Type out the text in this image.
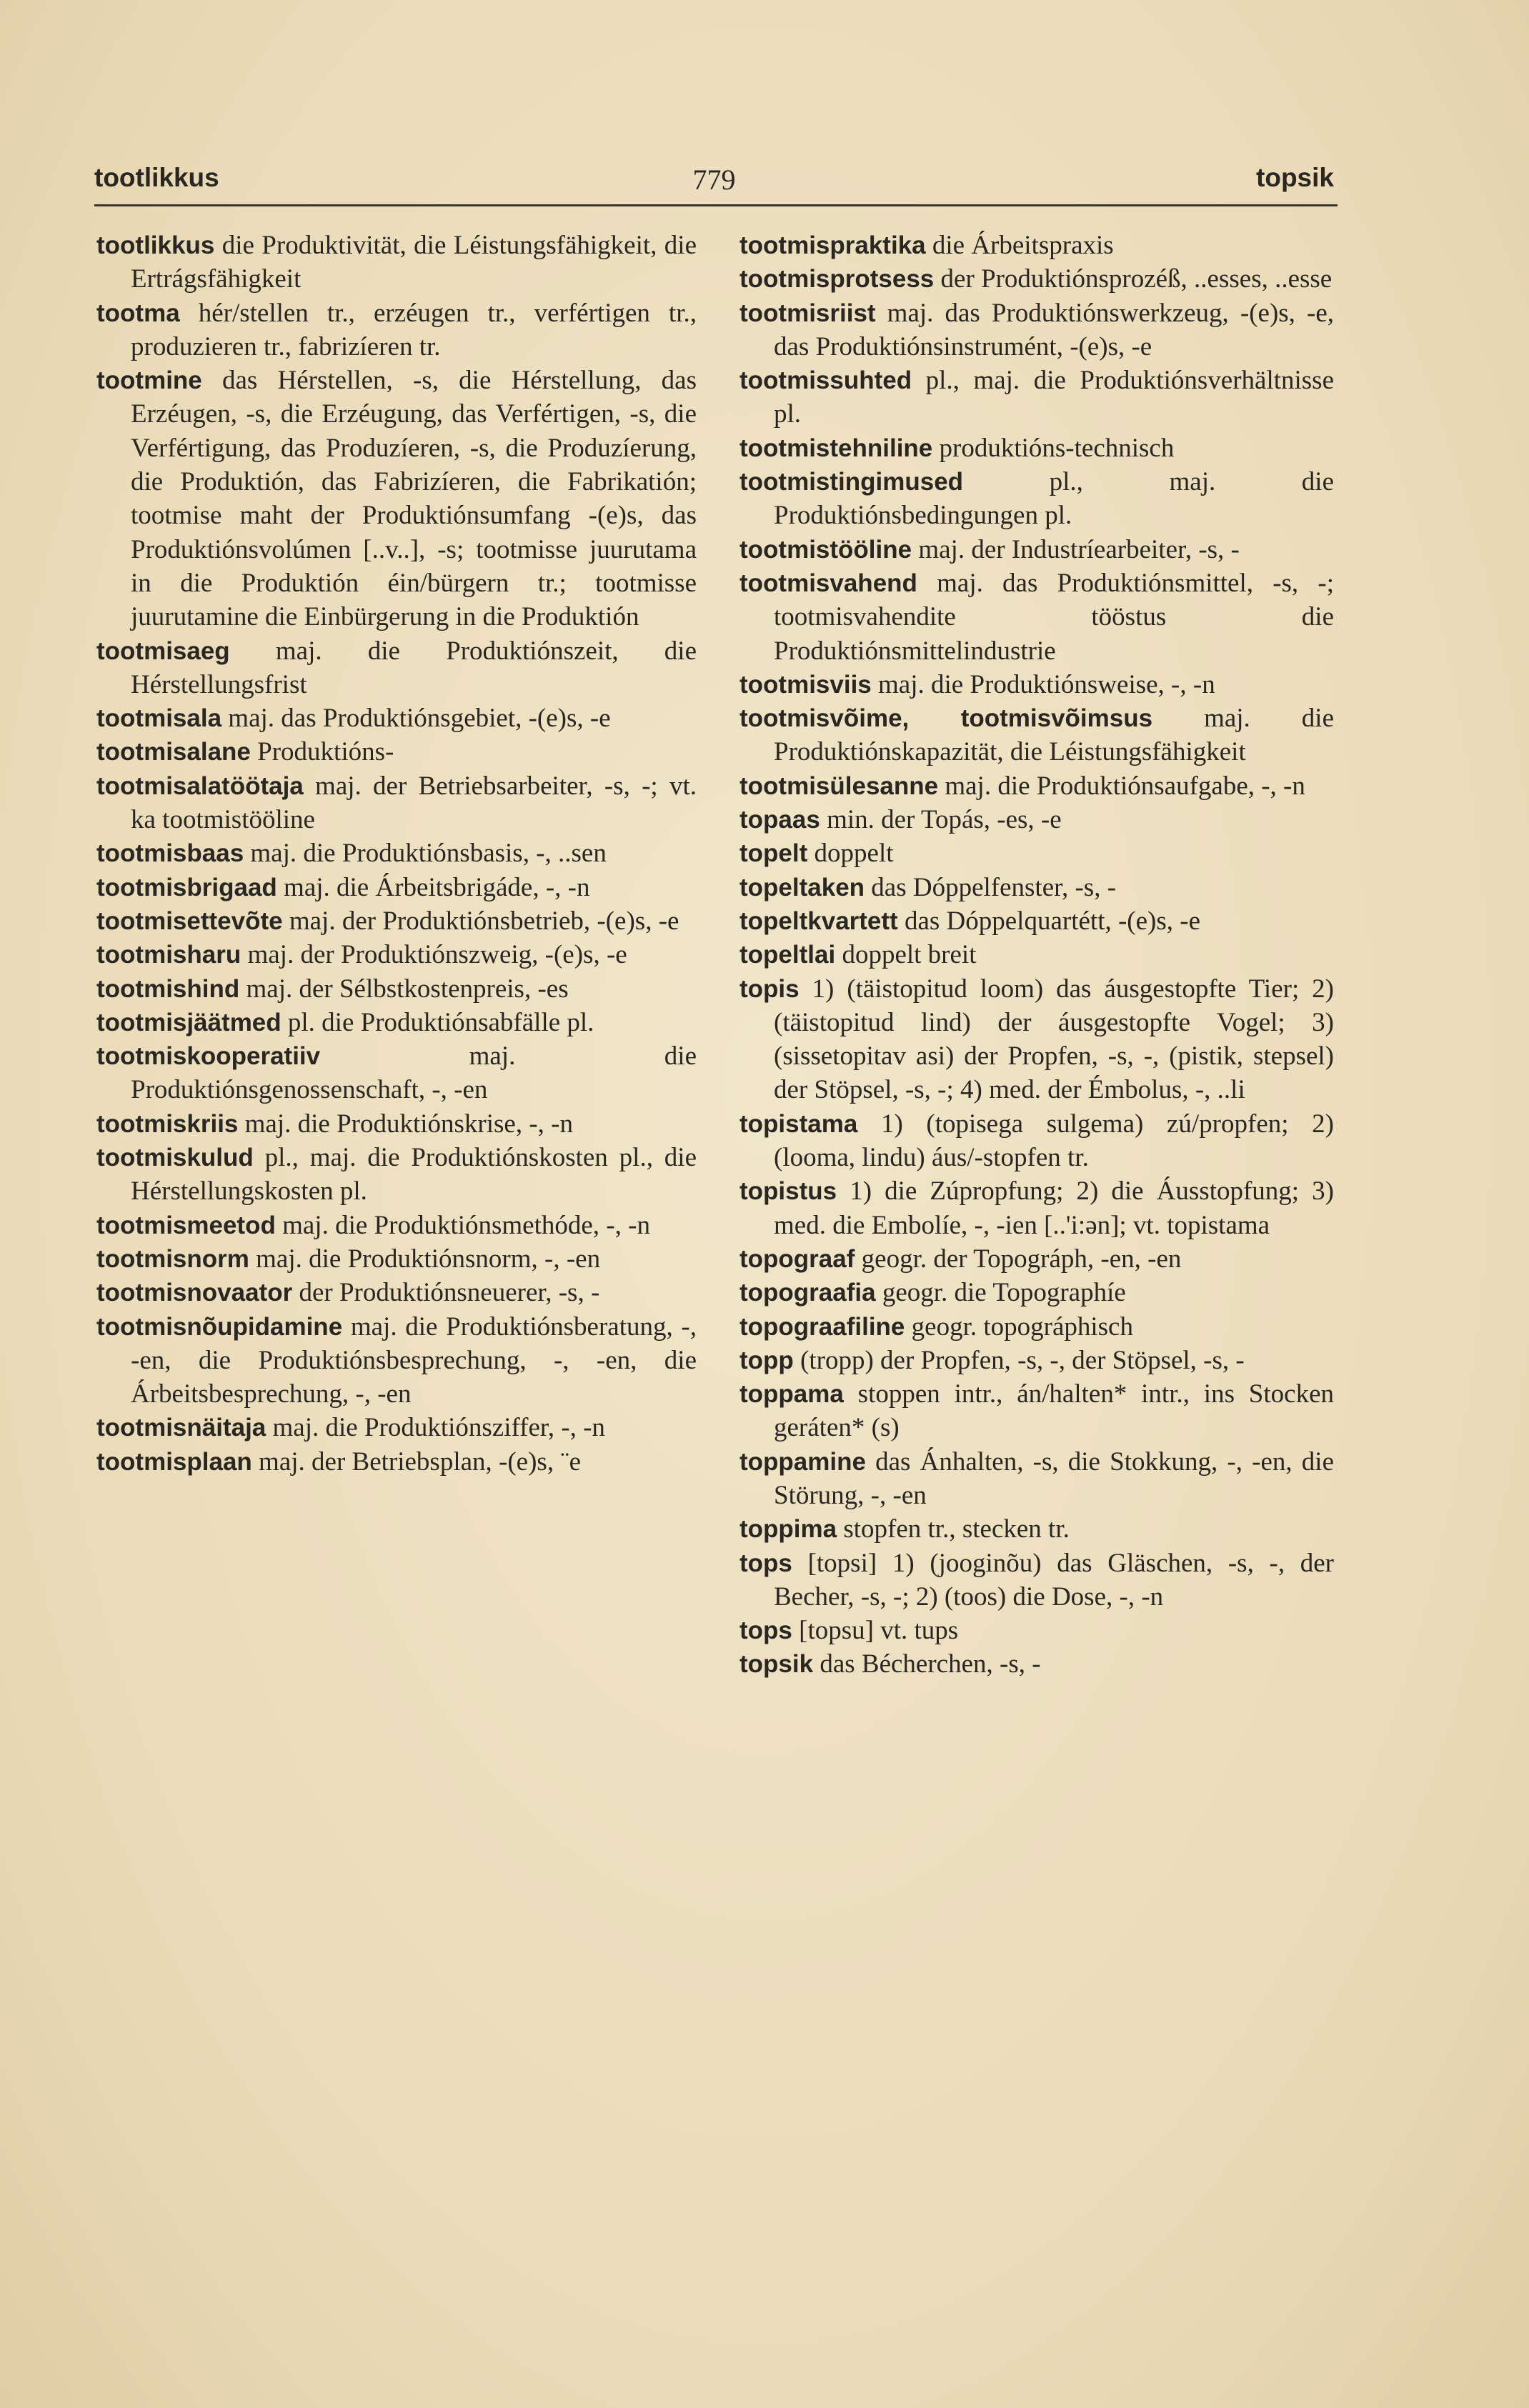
tootlikkus	779	topsik
tootlikkus die Produktivität, die Léistungsfähigkeit, die Ertrágsfähigkeit
tootma hér/stellen tr., erzéugen tr., verfértigen tr., produzieren tr., fabrizíeren tr.
tootmine das Hérstellen, -s, die Hérstellung, das Erzéugen, -s, die Erzéugung, das Verfértigen, -s, die Verfértigung, das Produzíeren, -s, die Produzíerung, die Produktión, das Fabrizíeren, die Fabrikatión; tootmise maht der Produktiónsumfang -(e)s, das Produktiónsvolúmen [..v..], -s; tootmisse juurutama in die Produktión éin/bürgern tr.; tootmisse juurutamine die Einbürgerung in die Produktión
tootmisaeg maj. die Produktiónszeit, die Hérstellungsfrist
tootmisala maj. das Produktiónsgebiet, -(e)s, -e
tootmisalane Produktións-
tootmisalatöötaja maj. der Betriebsarbeiter, -s, -; vt. ka tootmistööline
tootmisbaas maj. die Produktiónsbasis, -, ..sen
tootmisbrigaad maj. die Árbeitsbrigáde, -, -n
tootmisettevõte maj. der Produktiónsbetrieb, -(e)s, -e
tootmisharu maj. der Produktiónszweig, -(e)s, -e
tootmishind maj. der Sélbstkostenpreis, -es
tootmisjäätmed pl. die Produktiónsabfälle pl.
tootmiskooperatiiv maj. die Produktiónsgenossenschaft, -, -en
tootmiskriis maj. die Produktiónskrise, -, -n
tootmiskulud pl., maj. die Produktiónskosten pl., die Hérstellungskosten pl.
tootmismeetod maj. die Produktiónsmethóde, -, -n
tootmisnorm maj. die Produktiónsnorm, -, -en
tootmisnovaator der Produktiónsneuerer, -s, -
tootmisnõupidamine maj. die Produktiónsberatung, -, -en, die Produktiónsbesprechung, -, -en, die Árbeitsbesprechung, -, -en
tootmisnäitaja maj. die Produktiónsziffer, -, -n
tootmisplaan maj. der Betriebsplan, -(e)s, ¨e
tootmispraktika die Árbeitspraxis
tootmisprotsess der Produktiónsprozéß, ..esses, ..esse
tootmisriist maj. das Produktiónswerkzeug, -(e)s, -e, das Produktiónsinstrumént, -(e)s, -e
tootmissuhted pl., maj. die Produktiónsverhältnisse pl.
tootmistehniline produktións-technisch
tootmistingimused pl., maj. die Produktiónsbedingungen pl.
tootmistööline maj. der Industríearbeiter, -s, -
tootmisvahend maj. das Produktiónsmittel, -s, -; tootmisvahendite tööstus die Produktiónsmittelindustrie
tootmisviis maj. die Produktiónsweise, -, -n
tootmisvõime, tootmisvõimsus maj. die Produktiónskapazität, die Léistungsfähigkeit
tootmisülesanne maj. die Produktiónsaufgabe, -, -n
topaas min. der Topás, -es, -e
topelt doppelt
topeltaken das Dóppelfenster, -s, -
topeltkvartett das Dóppelquartétt, -(e)s, -e
topeltlai doppelt breit
topis 1) (täistopitud loom) das áusgestopfte Tier; 2) (täistopitud lind) der áusgestopfte Vogel; 3) (sissetopitav asi) der Propfen, -s, -, (pistik, stepsel) der Stöpsel, -s, -; 4) med. der Émbolus, -, ..li
topistama 1) (topisega sulgema) zú/propfen; 2) (looma, lindu) áus/-stopfen tr.
topistus 1) die Zúpropfung; 2) die Áusstopfung; 3) med. die Embolíe, -, -ien [..'i:ən]; vt. topistama
topograaf geogr. der Topográph, -en, -en
topograafia geogr. die Topographíe
topograafiline geogr. topográphisch
topp (tropp) der Propfen, -s, -, der Stöpsel, -s, -
toppama stoppen intr., án/halten* intr., ins Stocken geráten* (s)
toppamine das Ánhalten, -s, die Stokkung, -, -en, die Störung, -, -en
toppima stopfen tr., stecken tr.
tops [topsi] 1) (jooginõu) das Gläschen, -s, -, der Becher, -s, -; 2) (toos) die Dose, -, -n
tops [topsu] vt. tups
topsik das Bécherchen, -s, -
